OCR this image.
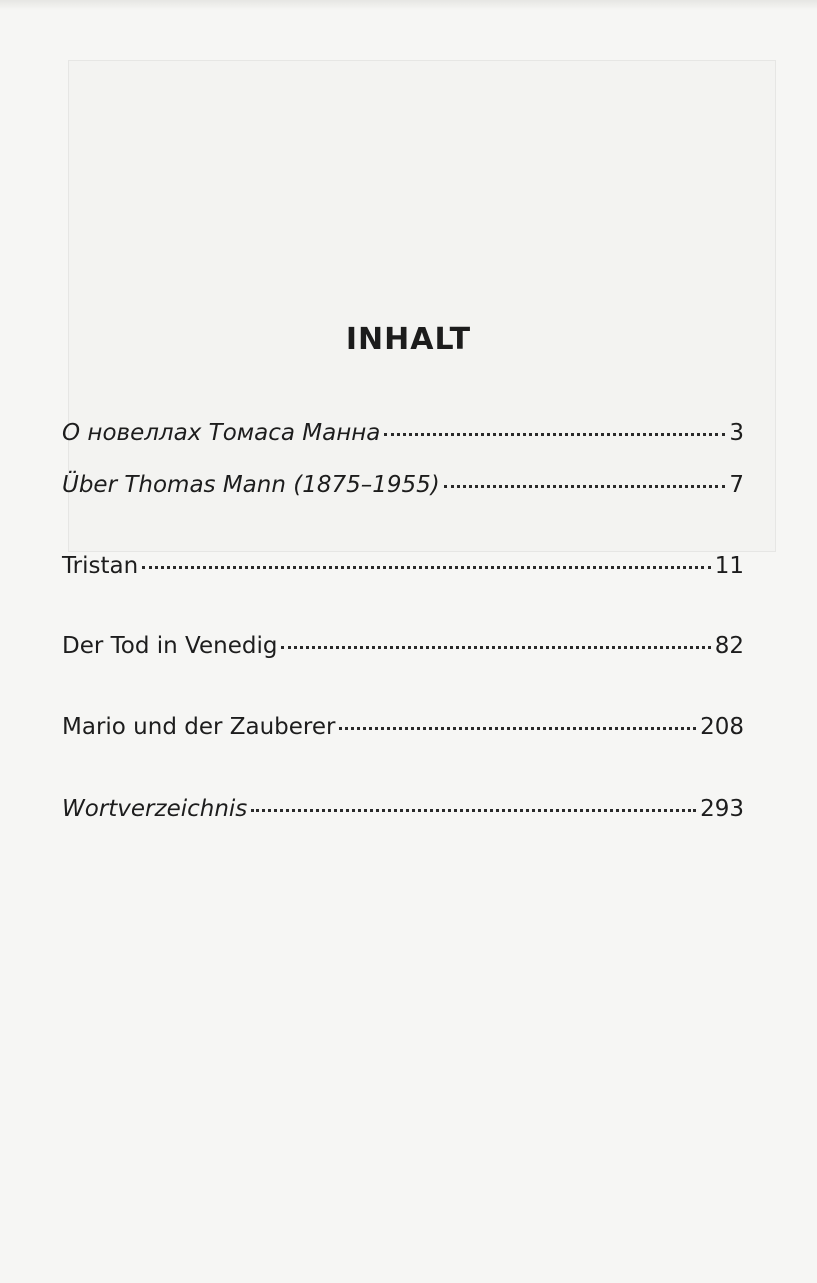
INHALT
О новеллах Томаса Манна	3
Über Thomas Mann (1875–1955)	7
Tristan	11
Der Tod in Venedig	82
Mario und der Zauberer	208
Wortverzeichnis	293
